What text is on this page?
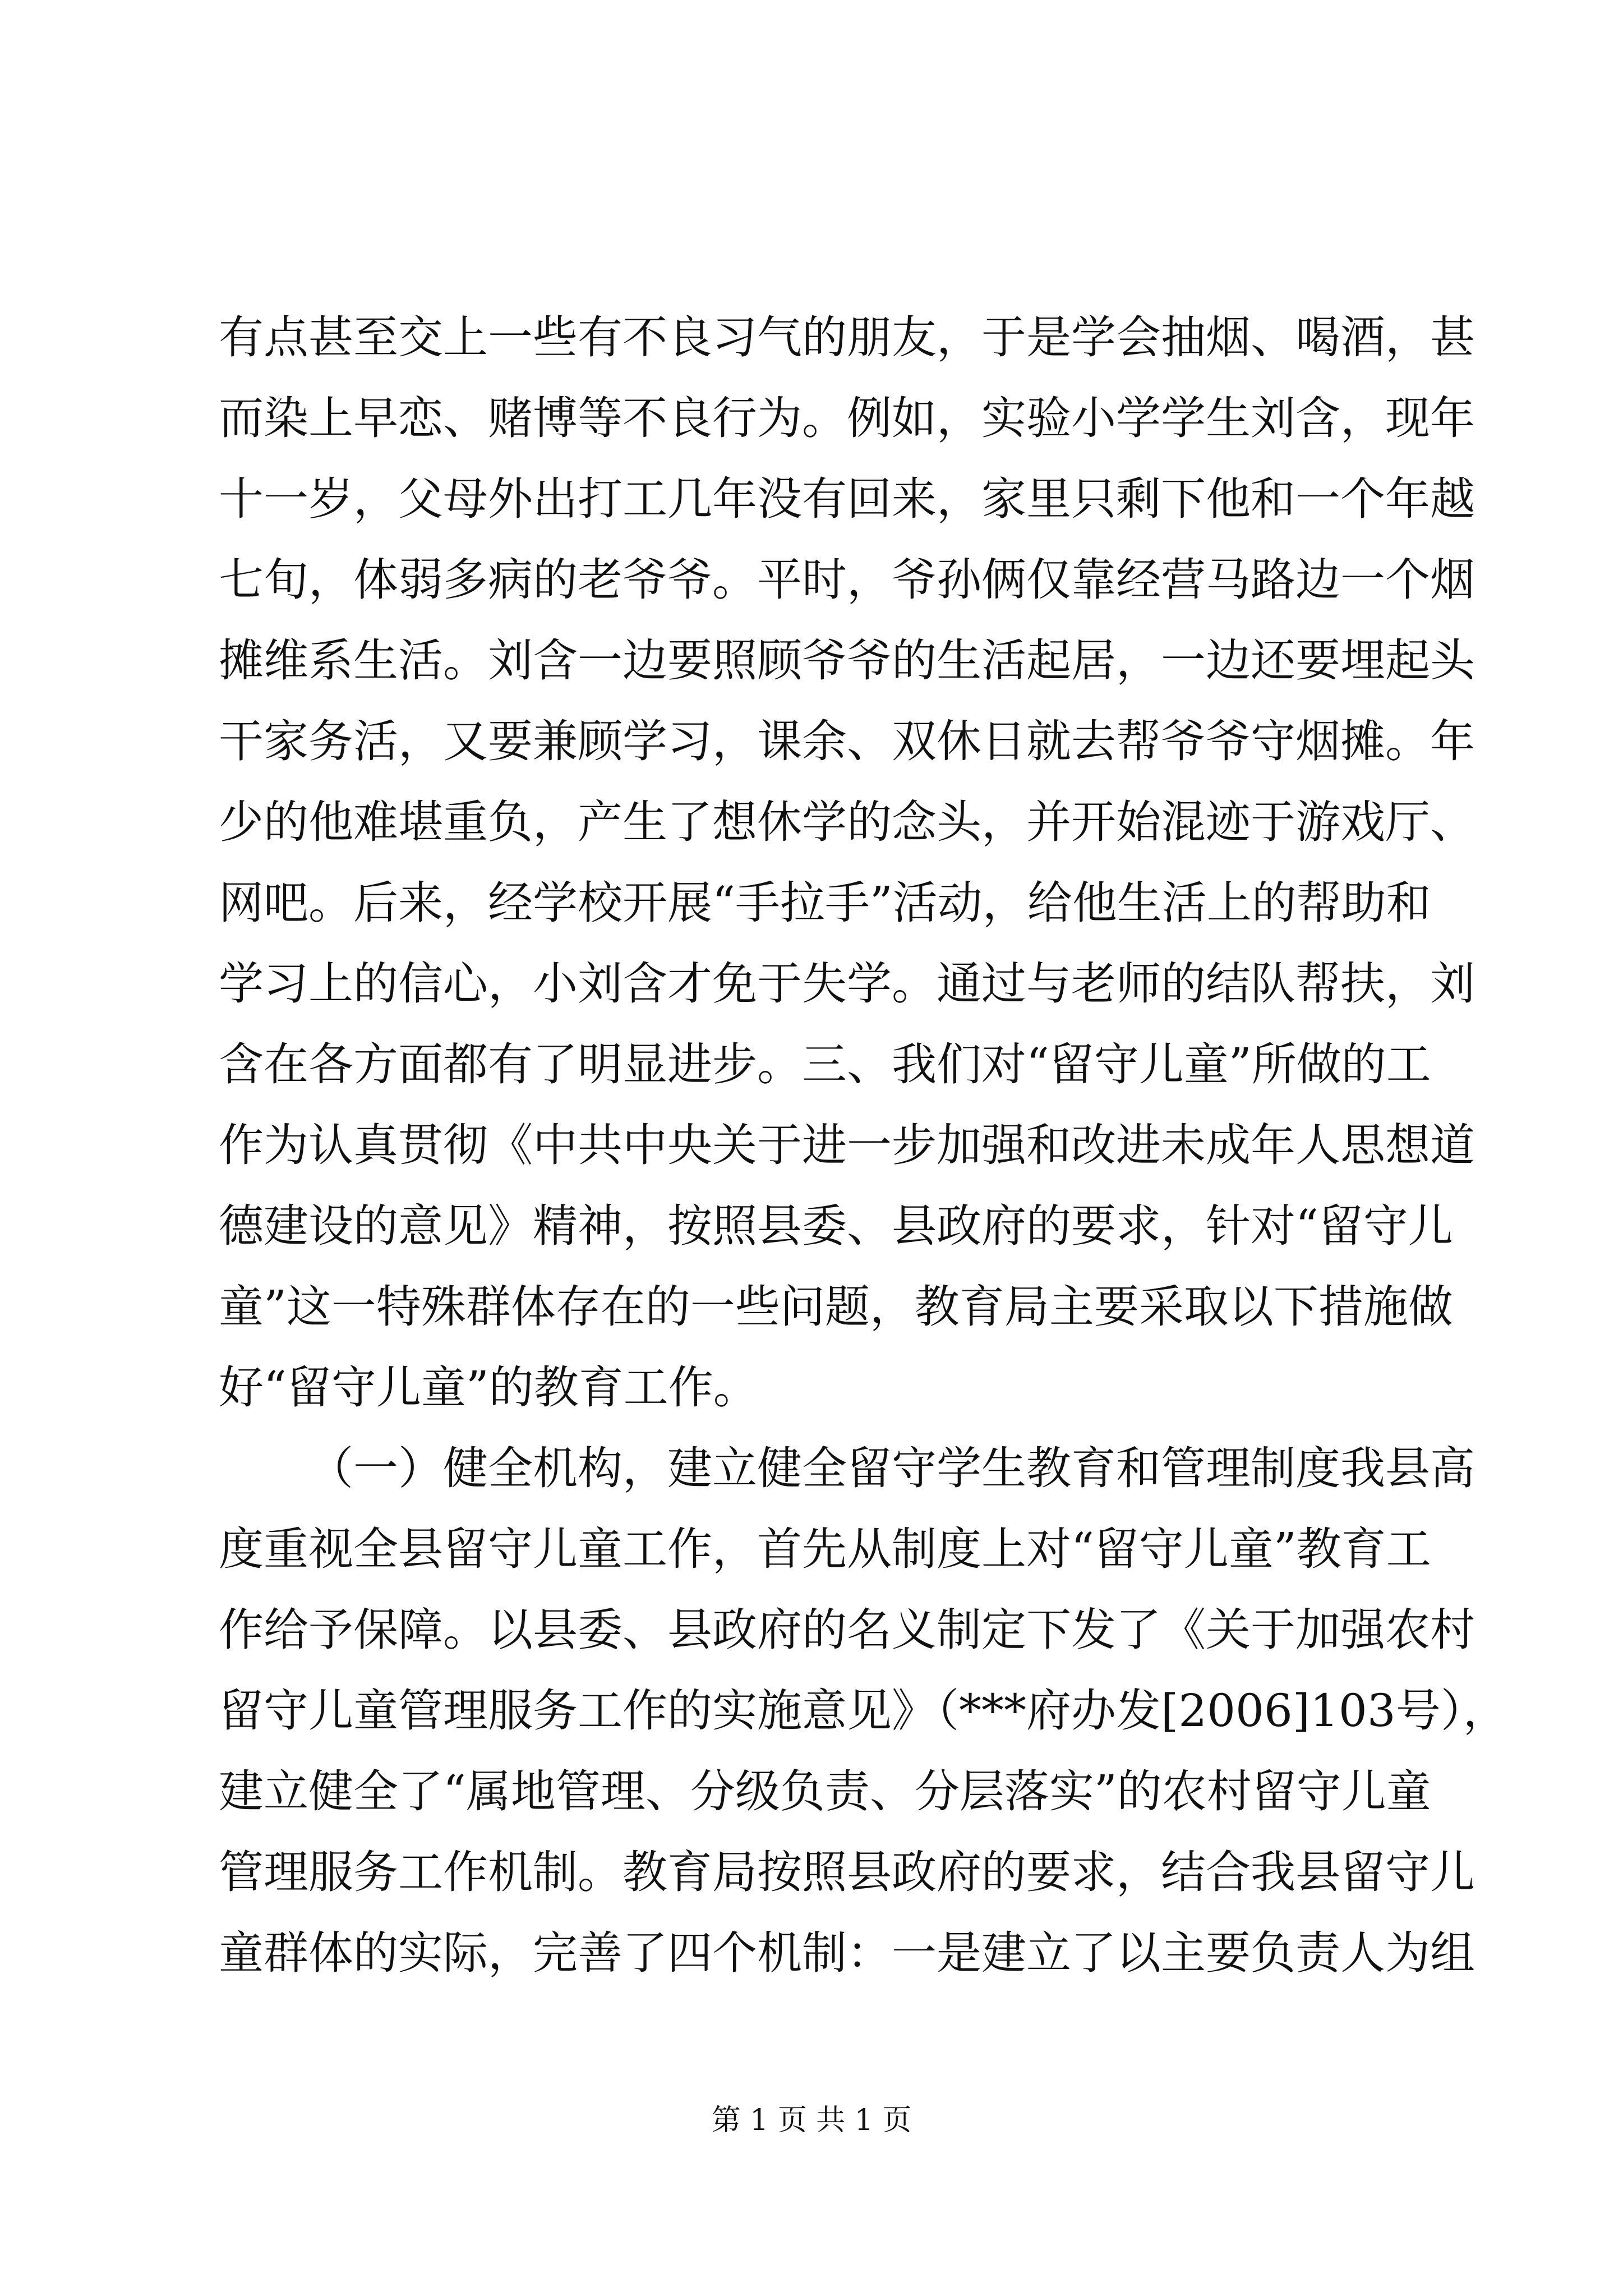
有点甚至交上一些有不良习气的朋友，于是学会抽烟、喝酒，甚
而染上早恋、赌博等不良行为。例如，实验小学学生刘含，现年
十一岁，父母外出打工几年没有回来，家里只剩下他和一个年越
七旬，体弱多病的老爷爷。平时，爷孙俩仅靠经营马路边一个烟
摊维系生活。刘含一边要照顾爷爷的生活起居，一边还要埋起头
干家务活，又要兼顾学习，课余、双休日就去帮爷爷守烟摊。年
少的他难堪重负，产生了想休学的念头，并开始混迹于游戏厅、
网吧。后来，经学校开展“手拉手”活动，给他生活上的帮助和
学习上的信心，小刘含才免于失学。通过与老师的结队帮扶，刘
含在各方面都有了明显进步。三、我们对“留守儿童”所做的工
作为认真贯彻《中共中央关于进一步加强和改进未成年人思想道
德建设的意见》精神，按照县委、县政府的要求，针对“留守儿
童”这一特殊群体存在的一些问题，教育局主要采取以下措施做
好“留守儿童”的教育工作。
（一）健全机构，建立健全留守学生教育和管理制度我县高
度重视全县留守儿童工作，首先从制度上对“留守儿童”教育工
作给予保障。以县委、县政府的名义制定下发了《关于加强农村
留守儿童管理服务工作的实施意见》（***府办发[2006]103号），
建立健全了“属地管理、分级负责、分层落实”的农村留守儿童
管理服务工作机制。教育局按照县政府的要求，结合我县留守儿
童群体的实际，完善了四个机制：一是建立了以主要负责人为组
第 1 页 共 1 页
